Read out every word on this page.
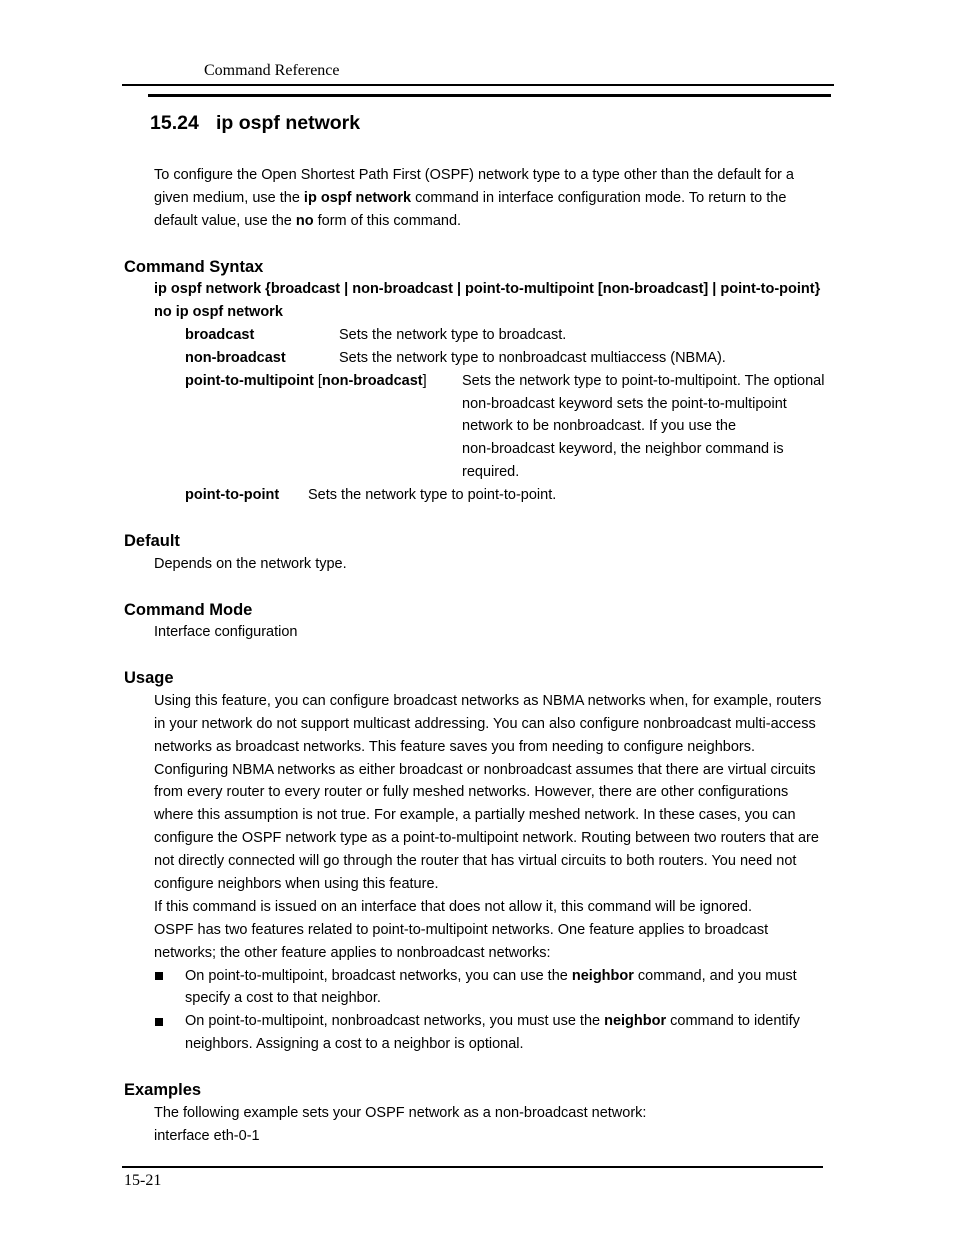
Command Reference
15.24 ip ospf network
To configure the Open Shortest Path First (OSPF) network type to a type other than the default for a
given medium, use the ip ospf network command in interface configuration mode. To return to the
default value, use the no form of this command.
Command Syntax
ip ospf network {broadcast | non-broadcast | point-to-multipoint [non-broadcast] | point-to-point}
no ip ospf network
broadcast	Sets the network type to broadcast.
non-broadcast	Sets the network type to nonbroadcast multiaccess (NBMA).
point-to-multipoint [non-broadcast] Sets the network type to point-to-multipoint. The optional
non-broadcast keyword sets the point-to-multipoint
network to be nonbroadcast. If you use the
non-broadcast keyword, the neighbor command is
required.
point-to-point Sets the network type to point-to-point.
Default
Depends on the network type.
Command Mode
Interface configuration
Usage
Using this feature, you can configure broadcast networks as NBMA networks when, for example, routers
in your network do not support multicast addressing. You can also configure nonbroadcast multi-access
networks as broadcast networks. This feature saves you from needing to configure neighbors.
Configuring NBMA networks as either broadcast or nonbroadcast assumes that there are virtual circuits
from every router to every router or fully meshed networks. However, there are other configurations
where this assumption is not true. For example, a partially meshed network. In these cases, you can
configure the OSPF network type as a point-to-multipoint network. Routing between two routers that are
not directly connected will go through the router that has virtual circuits to both routers. You need not
configure neighbors when using this feature.
If this command is issued on an interface that does not allow it, this command will be ignored.
OSPF has two features related to point-to-multipoint networks. One feature applies to broadcast
networks; the other feature applies to nonbroadcast networks:
On point-to-multipoint, broadcast networks, you can use the neighbor command, and you must
specify a cost to that neighbor.
On point-to-multipoint, nonbroadcast networks, you must use the neighbor command to identify
neighbors. Assigning a cost to a neighbor is optional.
Examples
The following example sets your OSPF network as a non-broadcast network:
interface eth-0-1
15-21
